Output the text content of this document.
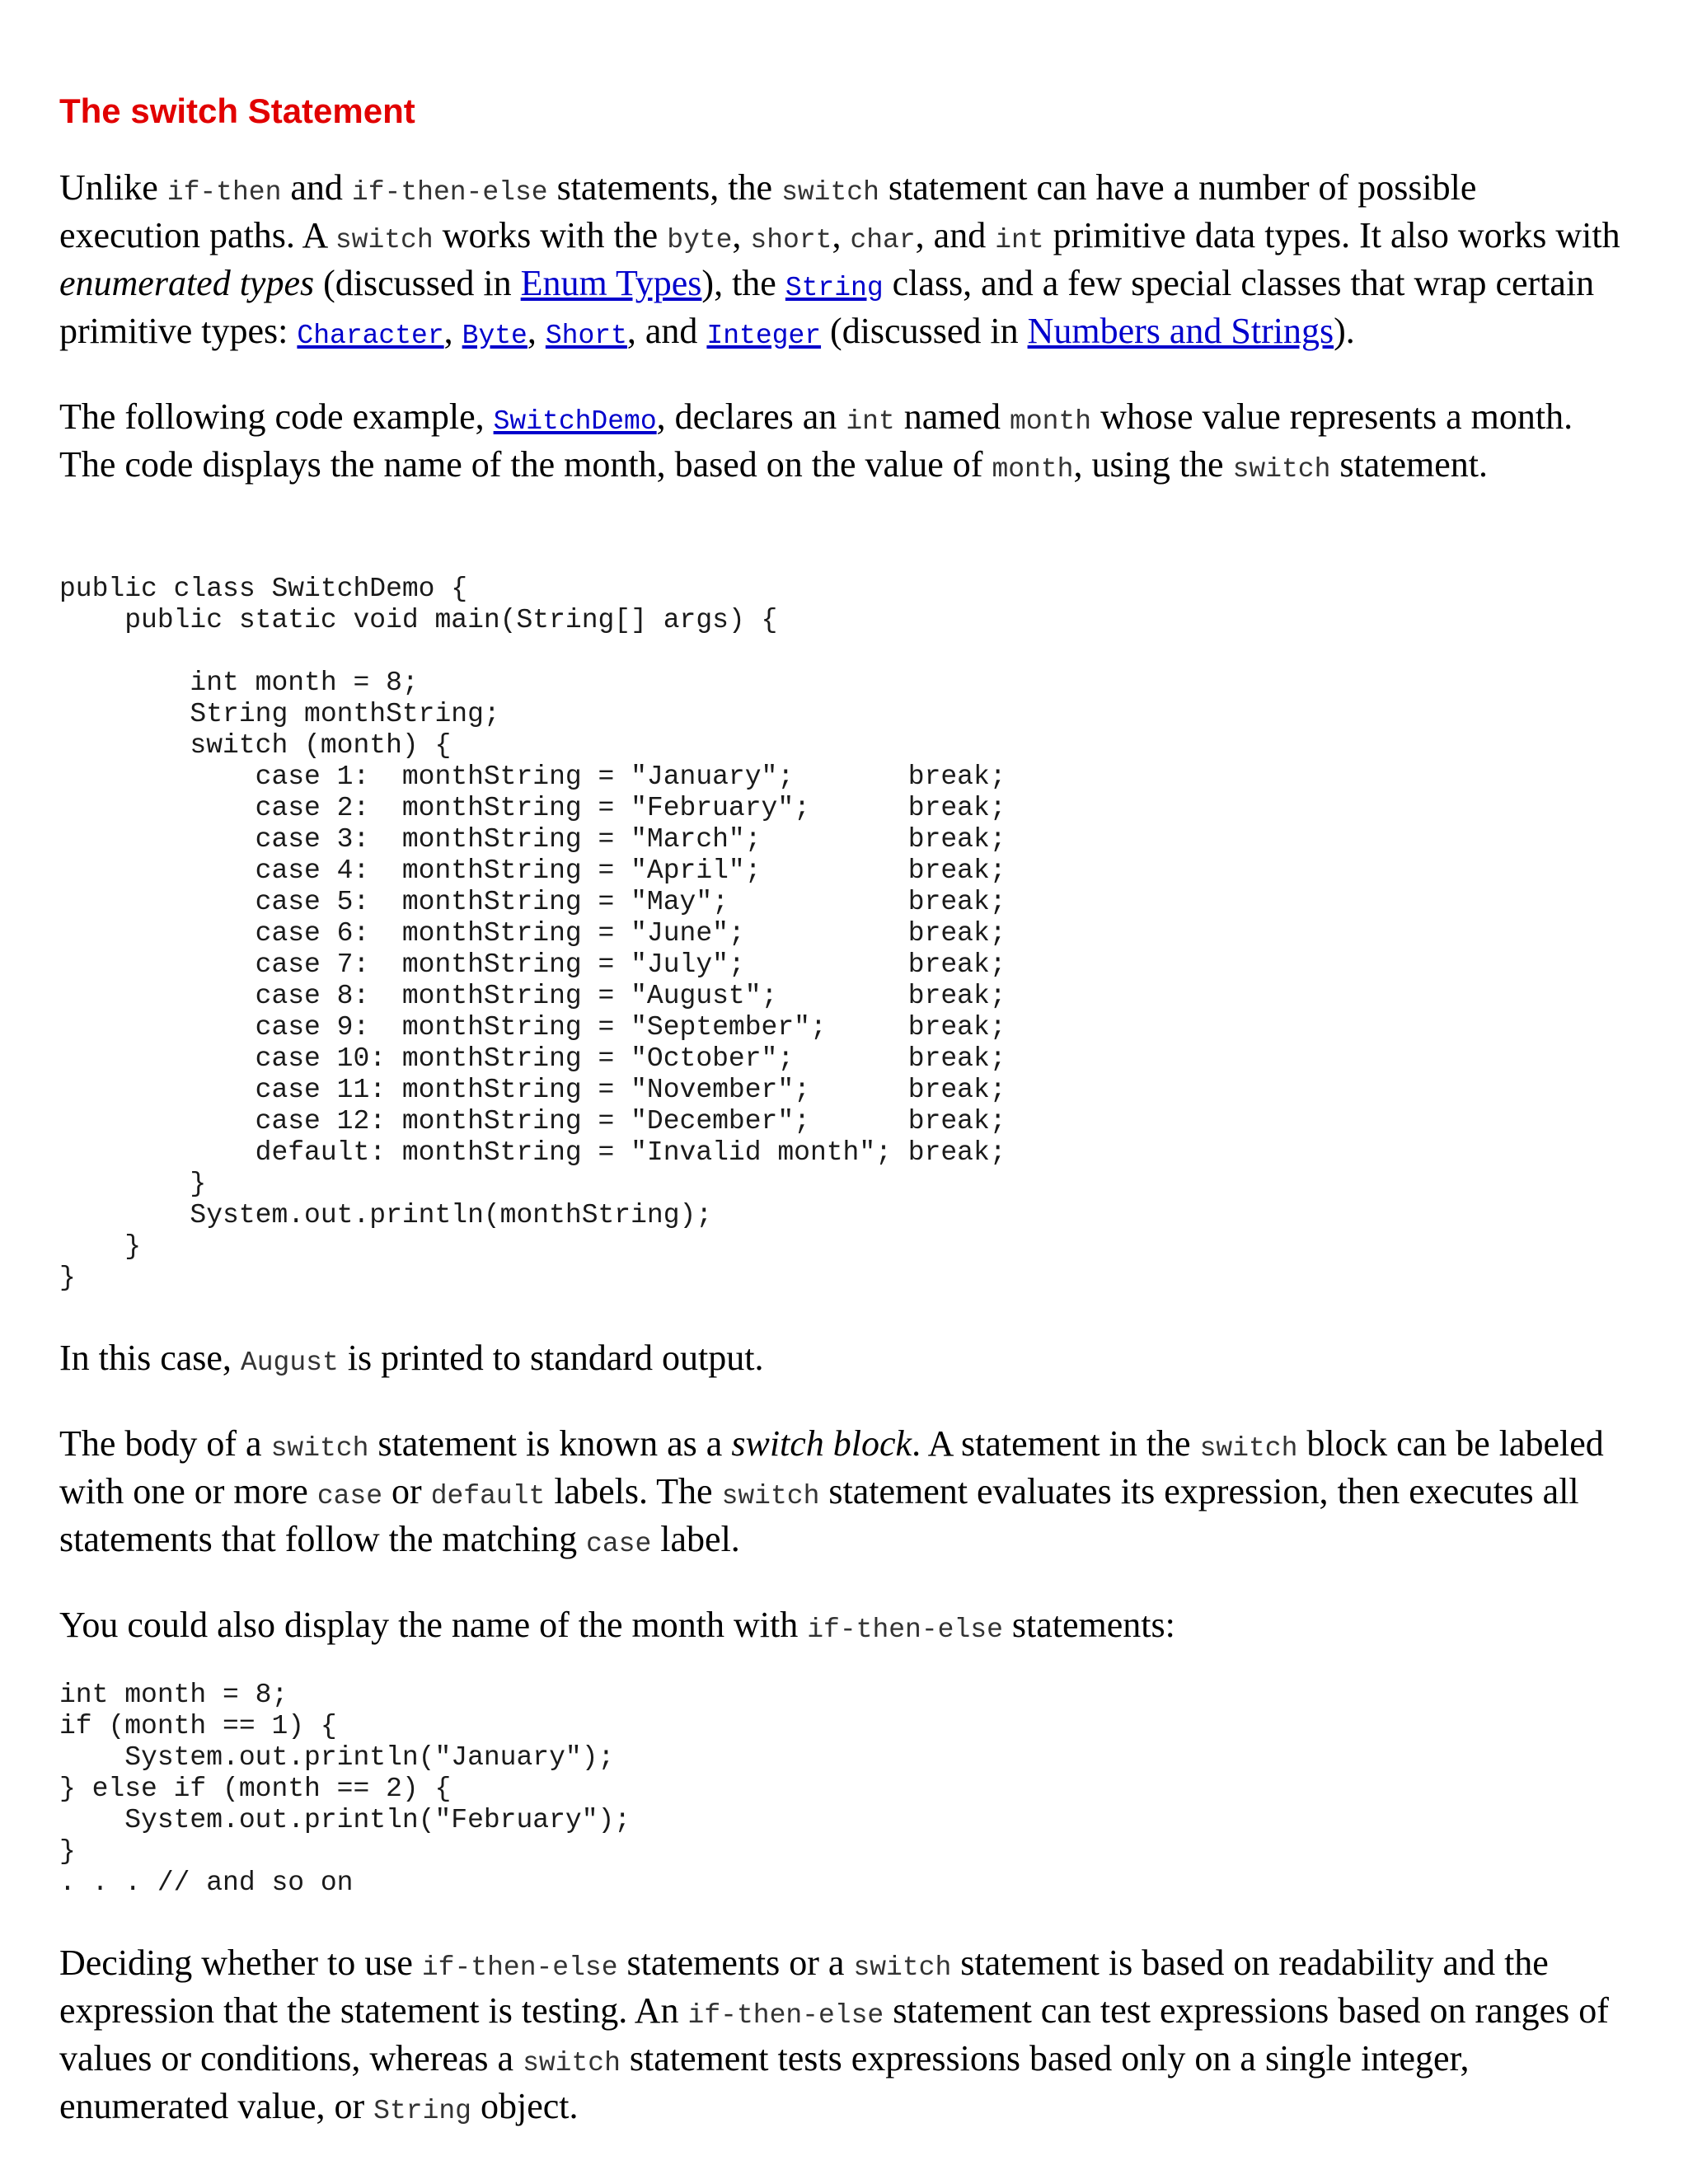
The switch Statement

Unlike if-then and if-then-else statements, the switch statement can have a number of possible execution paths. A switch works with the byte, short, char, and int primitive data types. It also works with enumerated types (discussed in Enum Types), the String class, and a few special classes that wrap certain primitive types: Character, Byte, Short, and Integer (discussed in Numbers and Strings).

The following code example, SwitchDemo, declares an int named month whose value represents a month. The code displays the name of the month, based on the value of month, using the switch statement.

public class SwitchDemo {
public static void main(String[] args) {

int month = 8;
String monthString;
switch (month) {
case 1:  monthString = "January";       break;
case 2:  monthString = "February";      break;
case 3:  monthString = "March";         break;
case 4:  monthString = "April";         break;
case 5:  monthString = "May";           break;
case 6:  monthString = "June";          break;
case 7:  monthString = "July";          break;
case 8:  monthString = "August";        break;
case 9:  monthString = "September";     break;
case 10: monthString = "October";       break;
case 11: monthString = "November";      break;
case 12: monthString = "December";      break;
default: monthString = "Invalid month"; break;
}
System.out.println(monthString);
}
}

In this case, August is printed to standard output.

The body of a switch statement is known as a switch block. A statement in the switch block can be labeled with one or more case or default labels. The switch statement evaluates its expression, then executes all statements that follow the matching case label.

You could also display the name of the month with if-then-else statements:

int month = 8;
if (month == 1) {
System.out.println("January");
} else if (month == 2) {
System.out.println("February");
}
. . . // and so on

Deciding whether to use if-then-else statements or a switch statement is based on readability and the expression that the statement is testing. An if-then-else statement can test expressions based on ranges of values or conditions, whereas a switch statement tests expressions based only on a single integer, enumerated value, or String object.
